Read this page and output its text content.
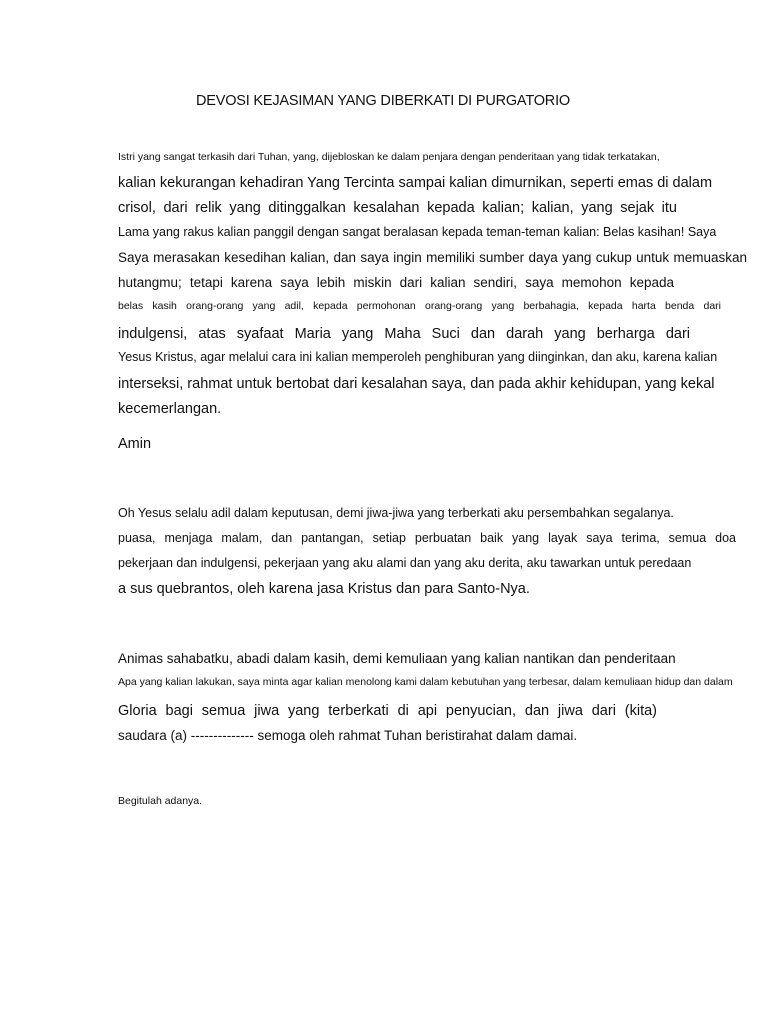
DEVOSI KEJASIMAN YANG DIBERKATI DI PURGATORIO
Istri yang sangat terkasih dari Tuhan, yang, dijebloskan ke dalam penjara dengan penderitaan yang tidak terkatakan,
kalian kekurangan kehadiran Yang Tercinta sampai kalian dimurnikan, seperti emas di dalam
crisol, dari relik yang ditinggalkan kesalahan kepada kalian; kalian, yang sejak itu
Lama yang rakus kalian panggil dengan sangat beralasan kepada teman-teman kalian: Belas kasihan! Saya
Saya merasakan kesedihan kalian, dan saya ingin memiliki sumber daya yang cukup untuk memuaskan
hutangmu; tetapi karena saya lebih miskin dari kalian sendiri, saya memohon kepada
belas kasih orang-orang yang adil, kepada permohonan orang-orang yang berbahagia, kepada harta benda dari
indulgensi, atas syafaat Maria yang Maha Suci dan darah yang berharga dari
Yesus Kristus, agar melalui cara ini kalian memperoleh penghiburan yang diinginkan, dan aku, karena kalian
interseksi, rahmat untuk bertobat dari kesalahan saya, dan pada akhir kehidupan, yang kekal
kecemerlangan.
Amin
Oh Yesus selalu adil dalam keputusan, demi jiwa-jiwa yang terberkati aku persembahkan segalanya.
puasa, menjaga malam, dan pantangan, setiap perbuatan baik yang layak saya terima, semua doa
pekerjaan dan indulgensi, pekerjaan yang aku alami dan yang aku derita, aku tawarkan untuk peredaan
a sus quebrantos, oleh karena jasa Kristus dan para Santo-Nya.
Animas sahabatku, abadi dalam kasih, demi kemuliaan yang kalian nantikan dan penderitaan
Apa yang kalian lakukan, saya minta agar kalian menolong kami dalam kebutuhan yang terbesar, dalam kemuliaan hidup dan dalam
Gloria bagi semua jiwa yang terberkati di api penyucian, dan jiwa dari (kita)
saudara (a) -------------- semoga oleh rahmat Tuhan beristirahat dalam damai.
Begitulah adanya.
